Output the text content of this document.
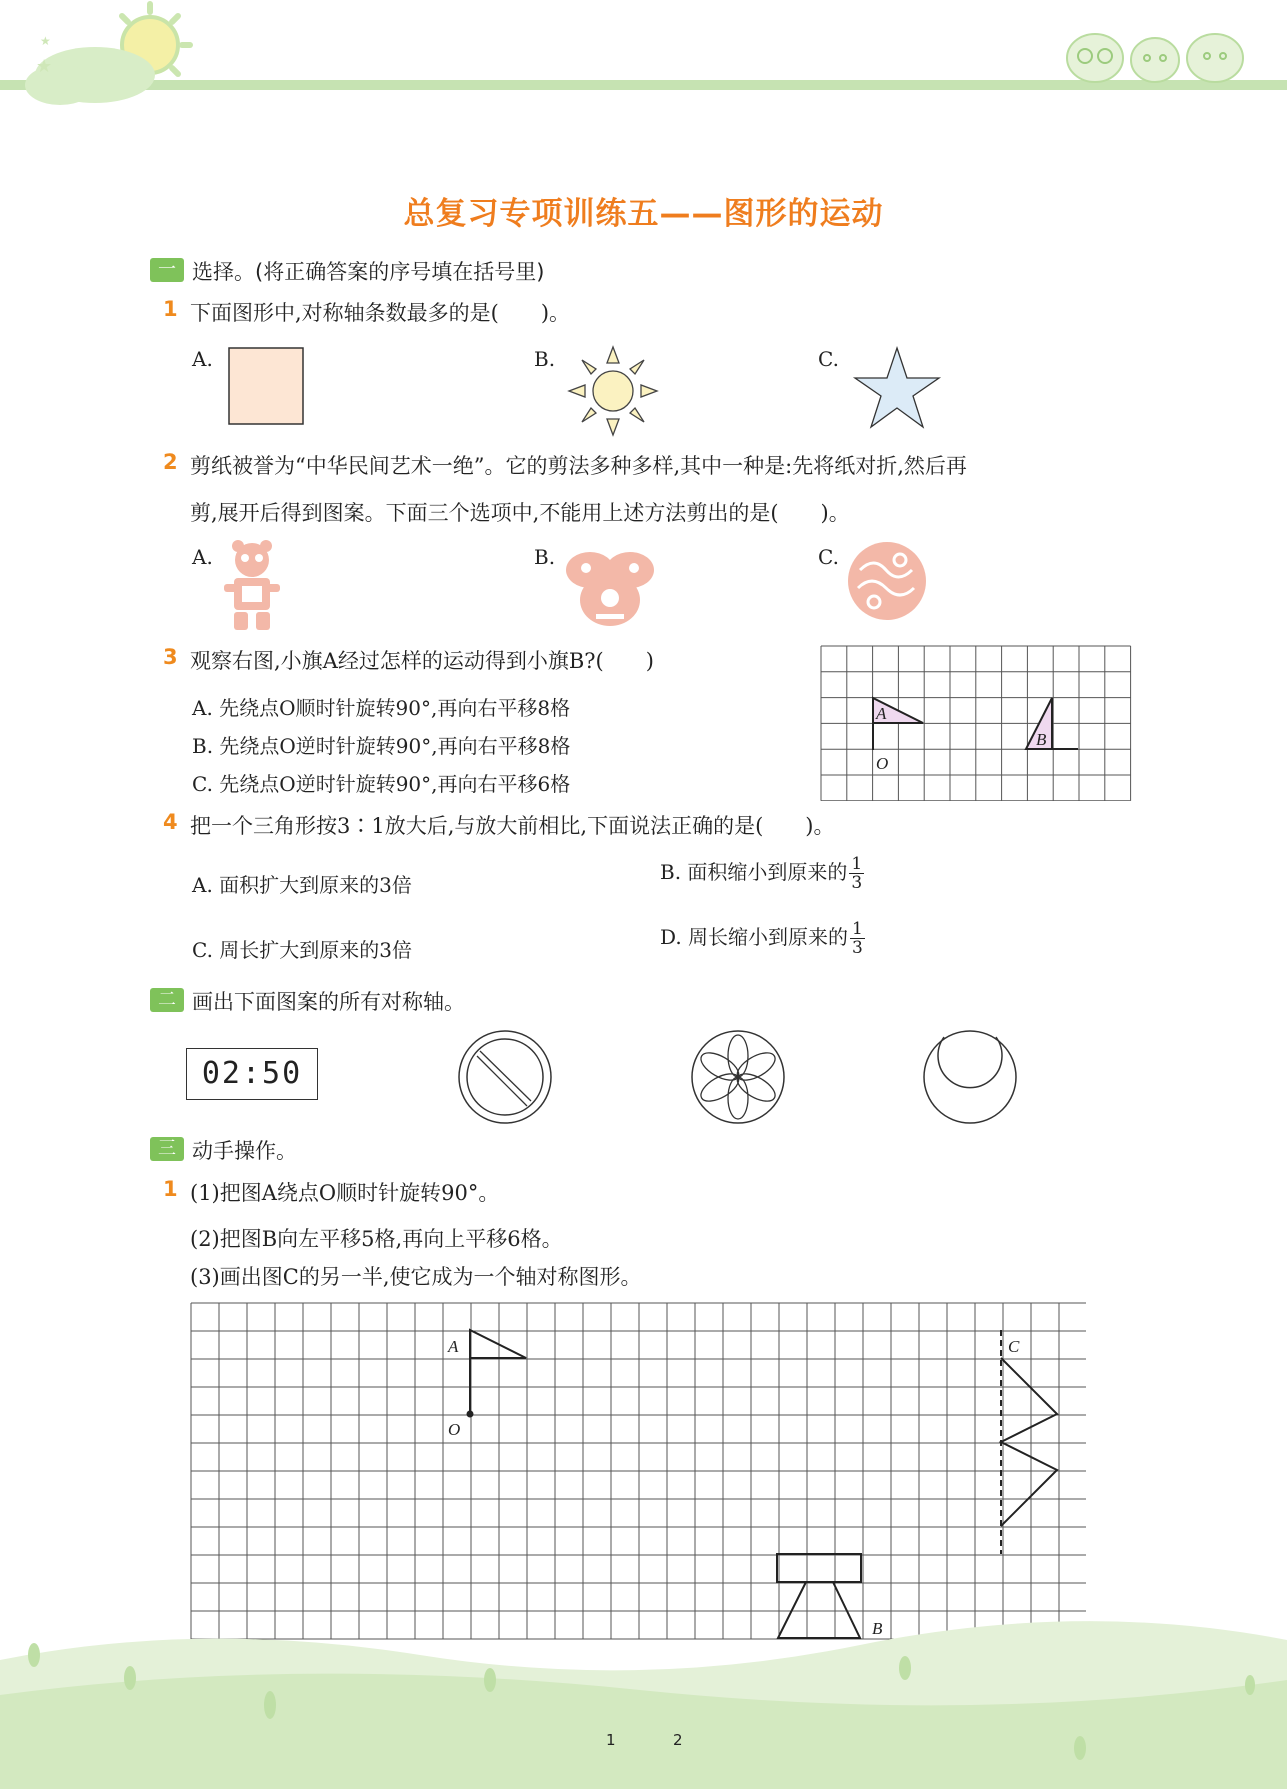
★
★
总复习专项训练五——图形的运动
一 选择。(将正确答案的序号填在括号里)
1 下面图形中,对称轴条数最多的是(　　)。
A.	B.	C.
2 剪纸被誉为“中华民间艺术一绝”。它的剪法多种多样,其中一种是:先将纸对折,然后再
剪,展开后得到图案。下面三个选项中,不能用上述方法剪出的是(　　)。
A.	B.	C.
3 观察右图,小旗A经过怎样的运动得到小旗B?(　　)
A. 先绕点O顺时针旋转90°,再向右平移8格
B. 先绕点O逆时针旋转90°,再向右平移8格
C. 先绕点O逆时针旋转90°,再向右平移6格
A
O
B
4 把一个三角形按3∶1放大后,与放大前相比,下面说法正确的是(　　)。
A. 面积扩大到原来的3倍
B. 面积缩小到原来的 $\frac{1}{3}$
C. 周长扩大到原来的3倍
D. 周长缩小到原来的 $\frac{1}{3}$
二 画出下面图案的所有对称轴。
02:50
三 动手操作。
1 (1)把图A绕点O顺时针旋转90°。
(2)把图B向左平移5格,再向上平移6格。
(3)画出图C的另一半,使它成为一个轴对称图形。
A
O
B
C
1	2
